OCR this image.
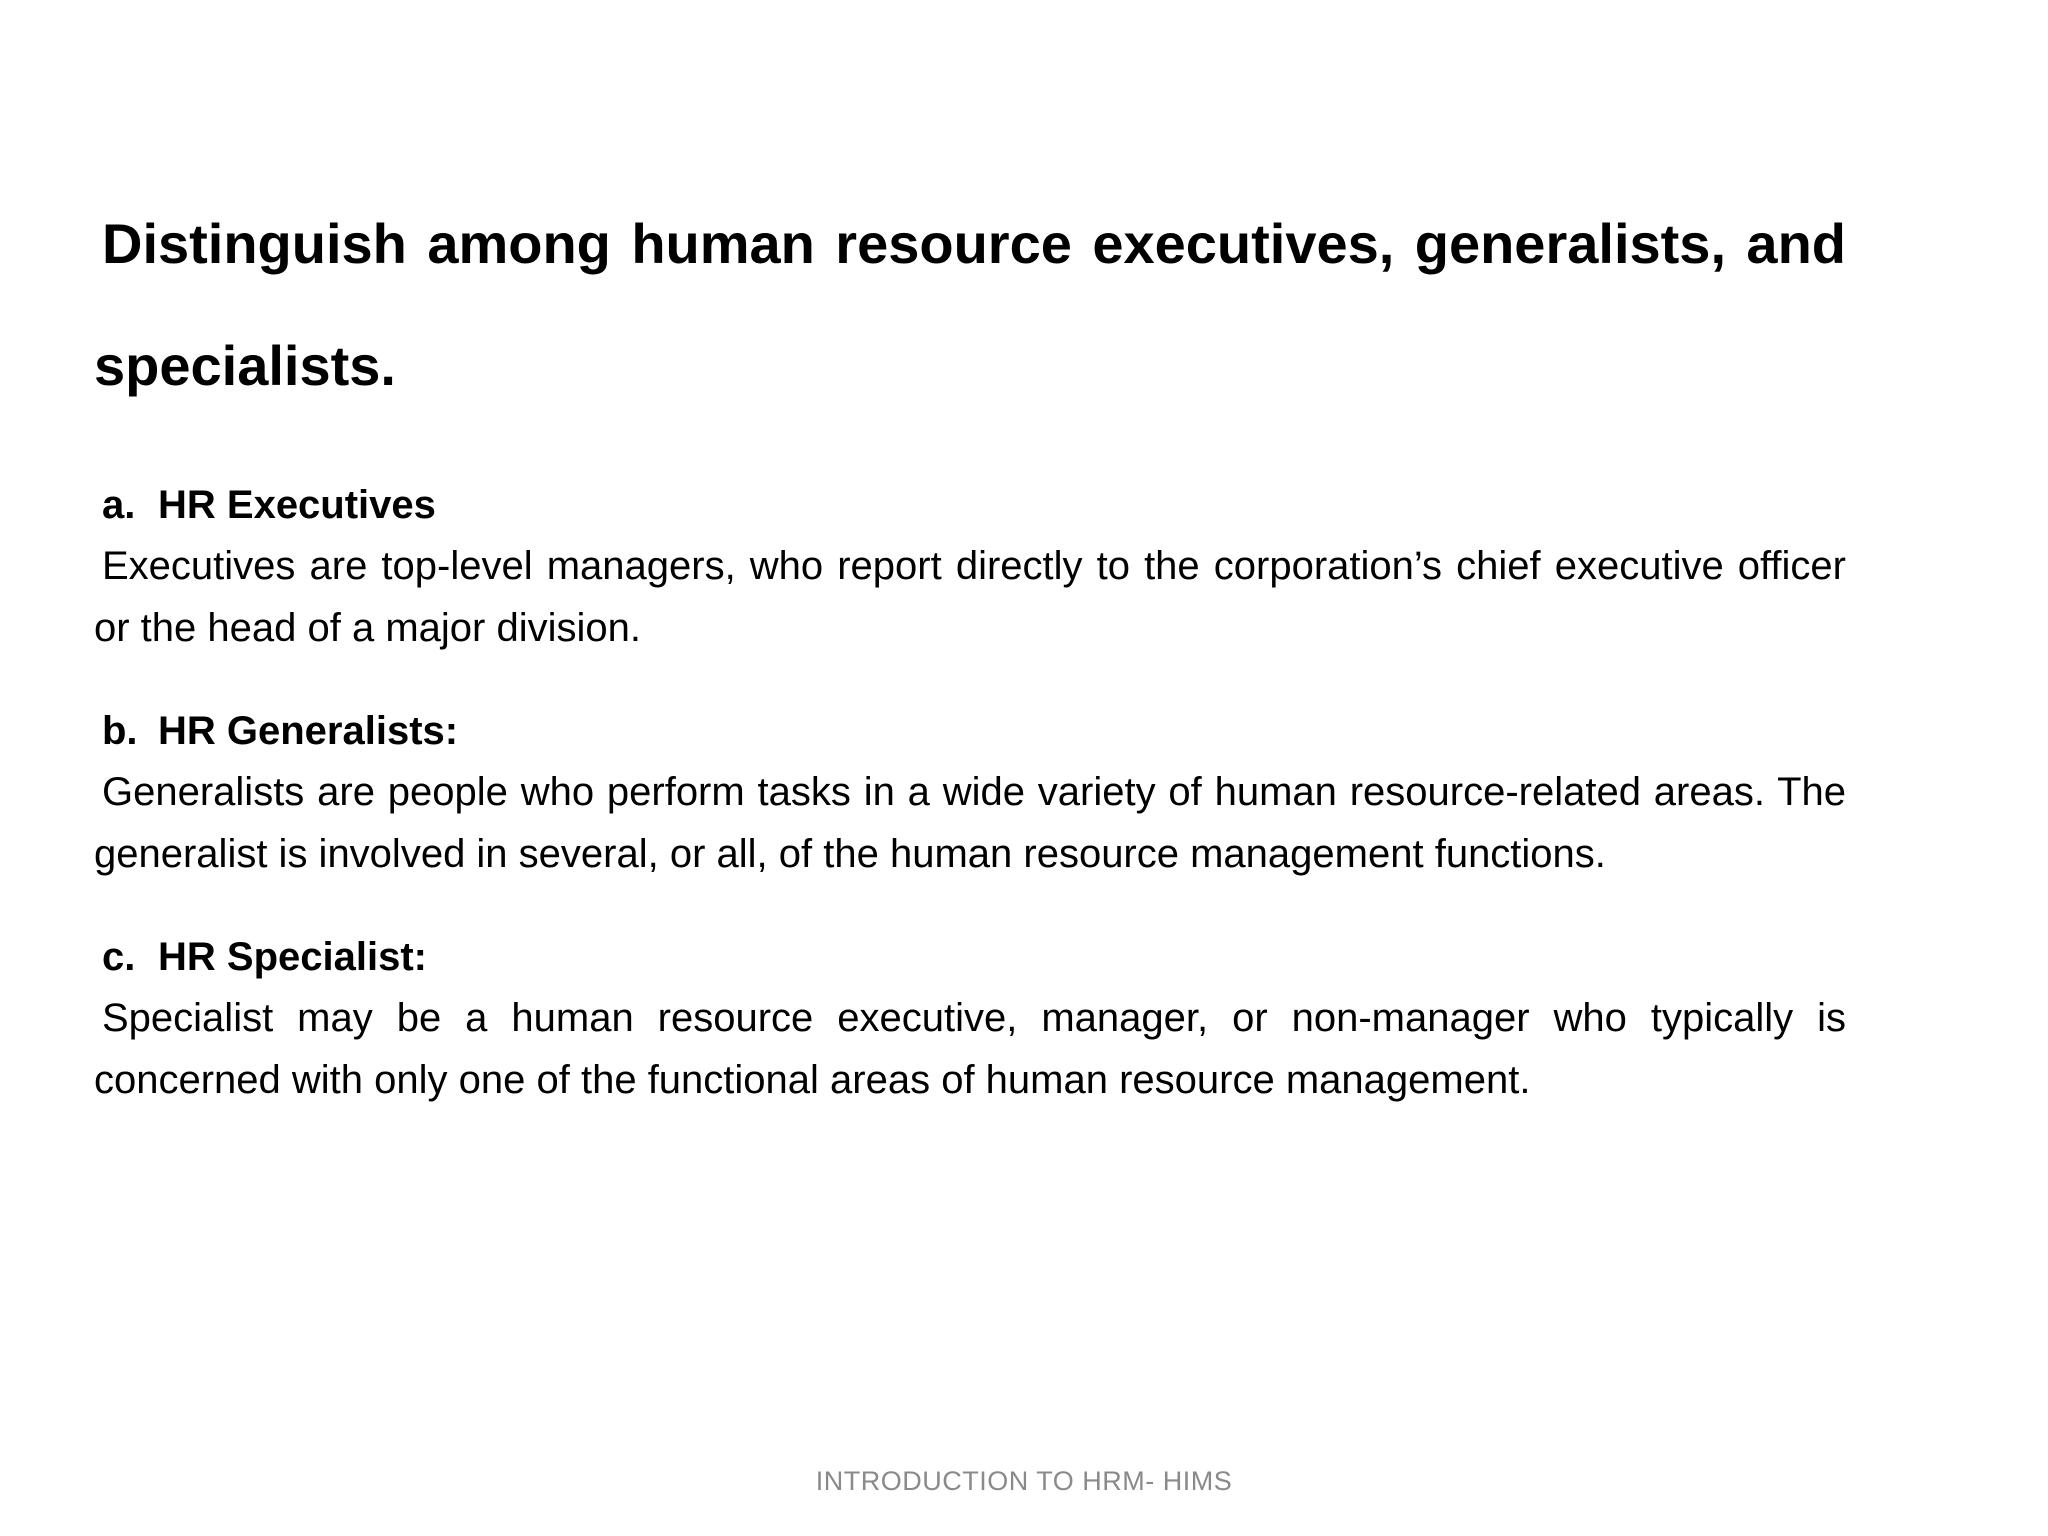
Distinguish among human resource executives, generalists, and specialists.

a. HR Executives

Executives are top-level managers, who report directly to the corporation’s chief executive officer or the head of a major division.

b. HR Generalists:

Generalists are people who perform tasks in a wide variety of human resource-related areas. The generalist is involved in several, or all, of the human resource management functions.

c. HR Specialist:

Specialist may be a human resource executive, manager, or non-manager who typically is concerned with only one of the functional areas of human resource management.

INTRODUCTION TO HRM- HIMS
